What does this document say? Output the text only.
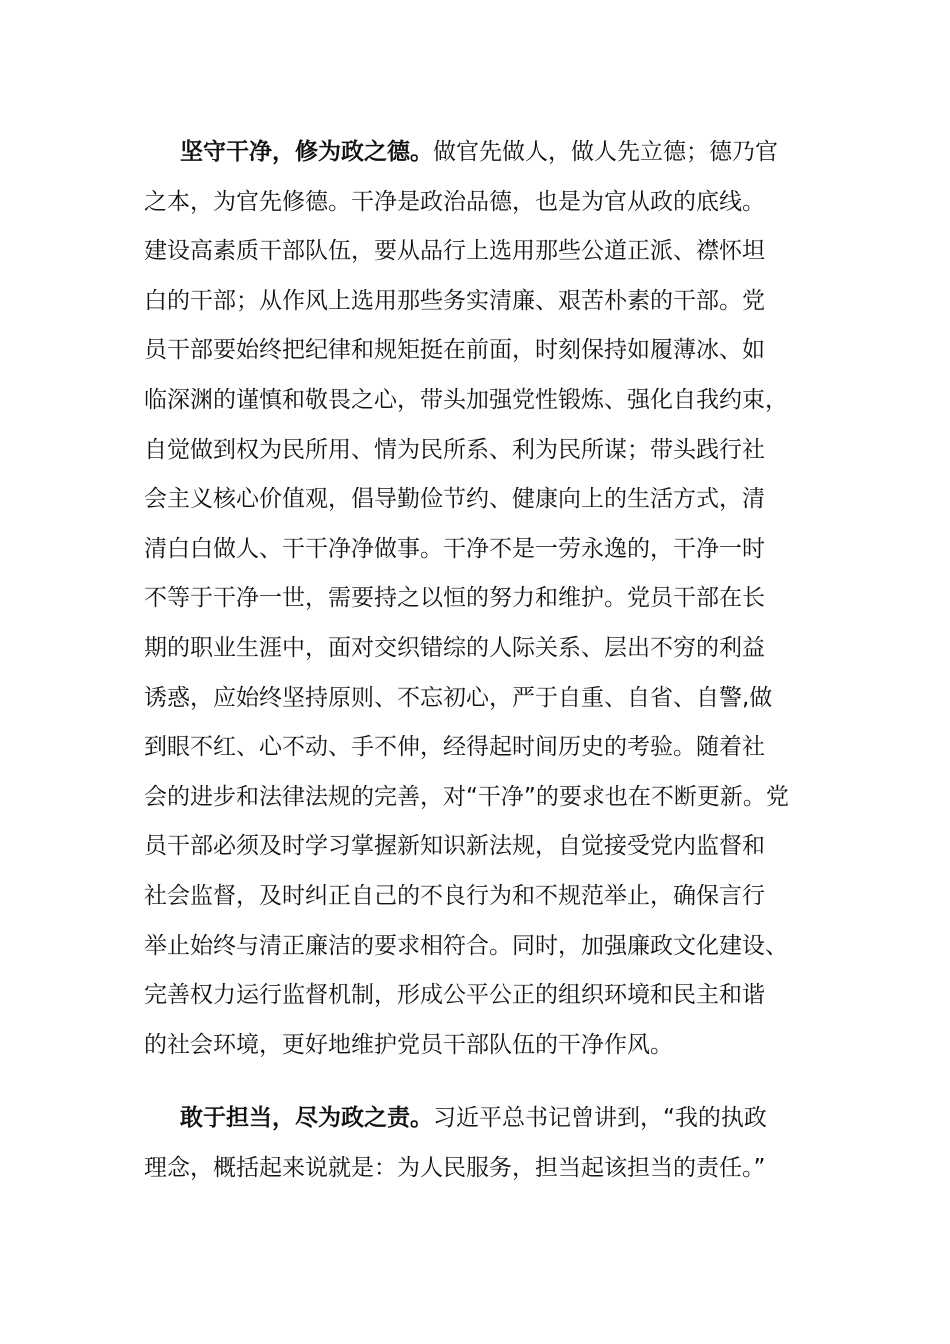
坚守干净，修为政之德。做官先做人，做人先立德；德乃官
之本，为官先修德。干净是政治品德，也是为官从政的底线。
建设高素质干部队伍，要从品行上选用那些公道正派、襟怀坦
白的干部；从作风上选用那些务实清廉、艰苦朴素的干部。党
员干部要始终把纪律和规矩挺在前面，时刻保持如履薄冰、如
临深渊的谨慎和敬畏之心，带头加强党性锻炼、强化自我约束，
自觉做到权为民所用、情为民所系、利为民所谋；带头践行社
会主义核心价值观，倡导勤俭节约、健康向上的生活方式，清
清白白做人、干干净净做事。干净不是一劳永逸的，干净一时
不等于干净一世，需要持之以恒的努力和维护。党员干部在长
期的职业生涯中，面对交织错综的人际关系、层出不穷的利益
诱惑，应始终坚持原则、不忘初心，严于自重、自省、自警,做
到眼不红、心不动、手不伸，经得起时间历史的考验。随着社
会的进步和法律法规的完善，对“干净”的要求也在不断更新。党
员干部必须及时学习掌握新知识新法规，自觉接受党内监督和
社会监督，及时纠正自己的不良行为和不规范举止，确保言行
举止始终与清正廉洁的要求相符合。同时，加强廉政文化建设、
完善权力运行监督机制，形成公平公正的组织环境和民主和谐
的社会环境，更好地维护党员干部队伍的干净作风。
敢于担当，尽为政之责。习近平总书记曾讲到，“我的执政
理念，概括起来说就是：为人民服务，担当起该担当的责任。”
